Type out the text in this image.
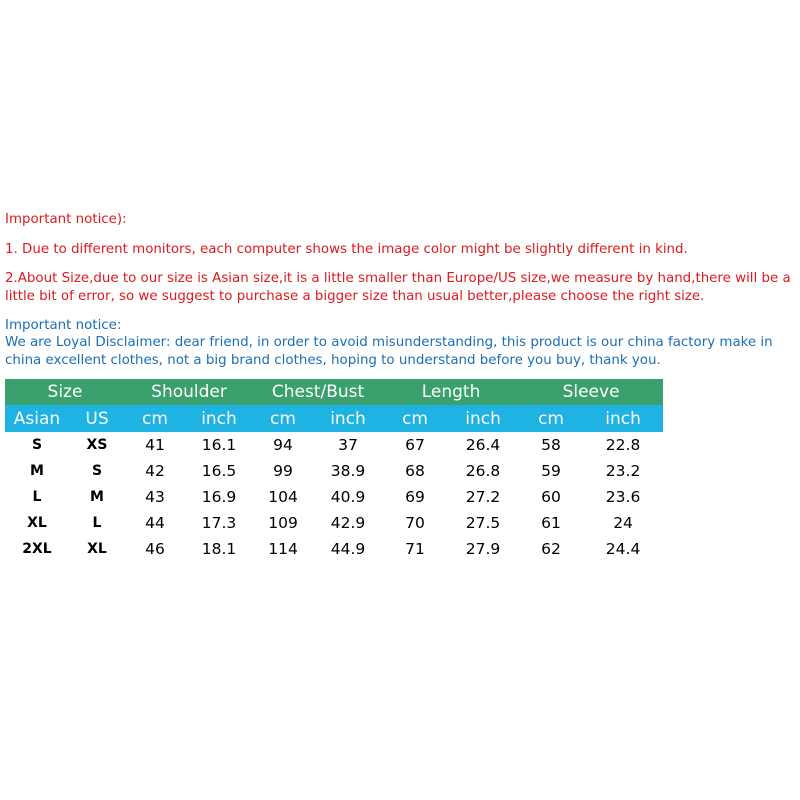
Important notice):
1. Due to different monitors, each computer shows the image color might be slightly different in kind.
2.About Size,due to our size is Asian size,it is a little smaller than Europe/US size,we measure by hand,there will be a little bit of error, so we suggest to purchase a bigger size than usual better,please choose the right size.
Important notice:
We are Loyal Disclaimer: dear friend, in order to avoid misunderstanding, this product is our china factory make in china excellent clothes, not a big brand clothes, hoping to understand before you buy, thank you.
Size		Shoulder		Chest/Bust		Length		Sleeve	
Asian	US	cm	inch	cm	inch	cm	inch	cm	inch
S	XS	41	16.1	94	37	67	26.4	58	22.8
M	S	42	16.5	99	38.9	68	26.8	59	23.2
L	M	43	16.9	104	40.9	69	27.2	60	23.6
XL	L	44	17.3	109	42.9	70	27.5	61	24
2XL	XL	46	18.1	114	44.9	71	27.9	62	24.4
